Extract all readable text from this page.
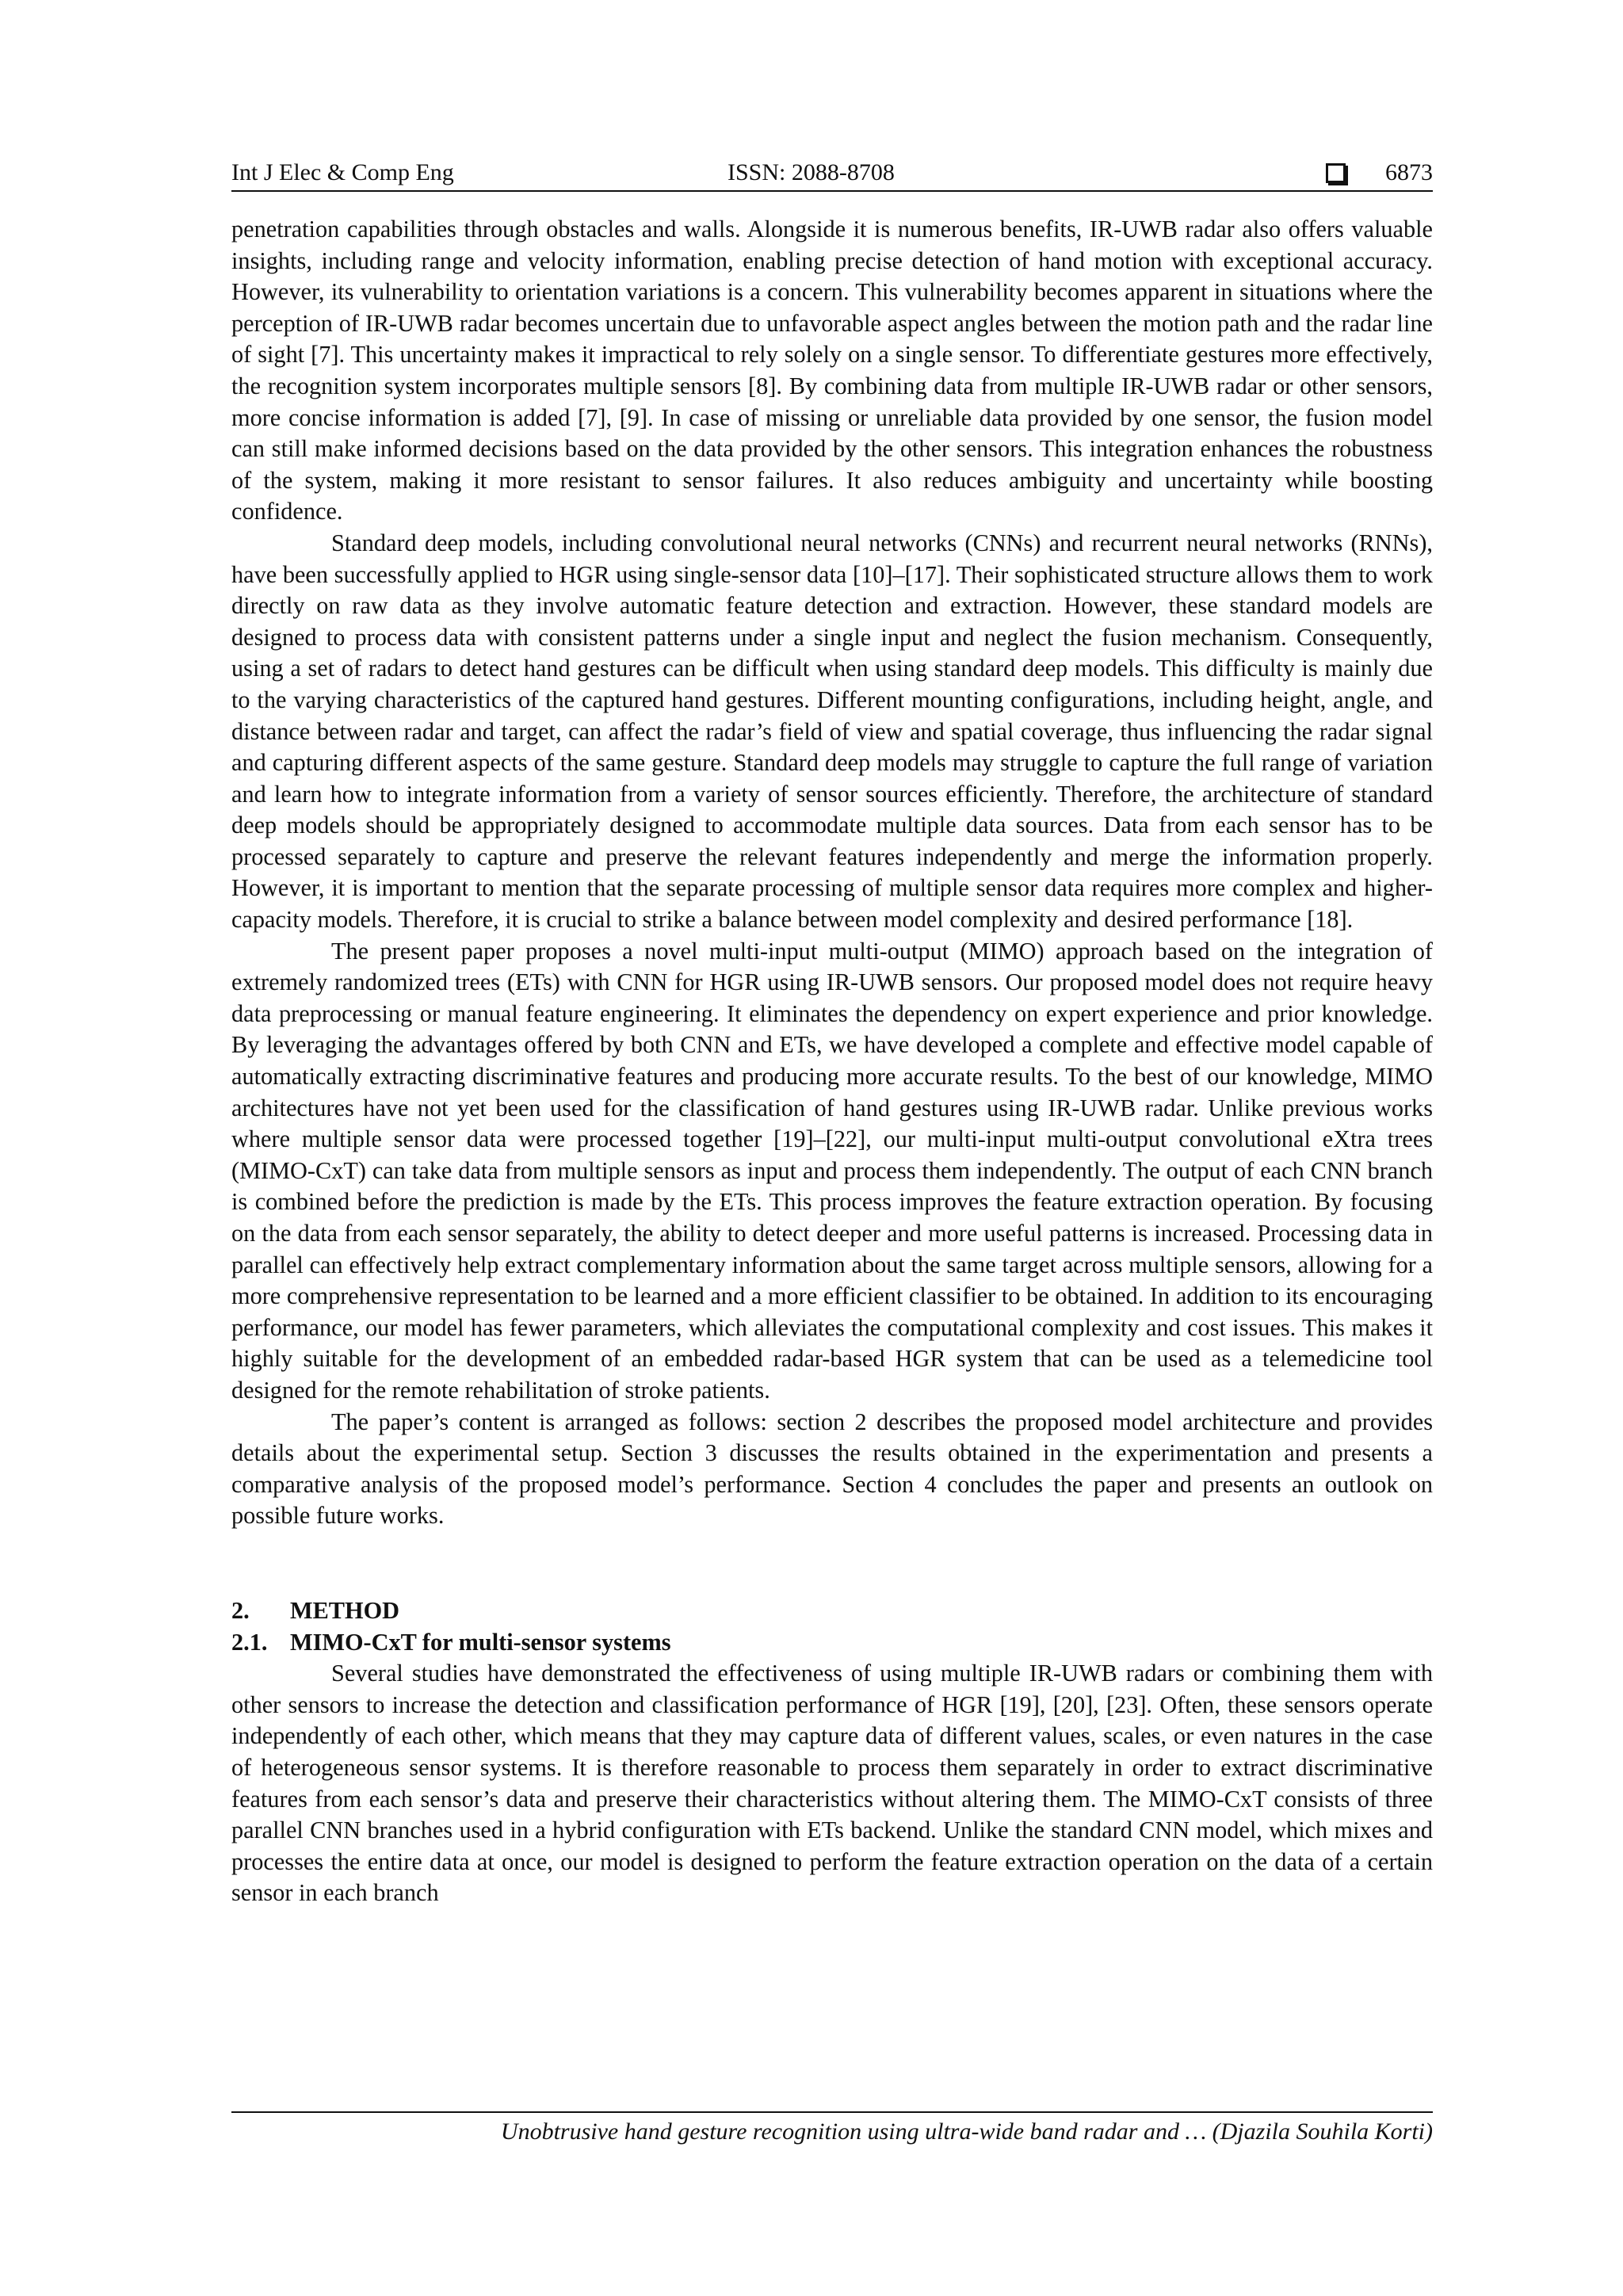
Int J Elec & Comp Eng	ISSN: 2088-8708	6873

penetration capabilities through obstacles and walls. Alongside it is numerous benefits, IR-UWB radar also offers valuable insights, including range and velocity information, enabling precise detection of hand motion with exceptional accuracy. However, its vulnerability to orientation variations is a concern. This vulnerability becomes apparent in situations where the perception of IR-UWB radar becomes uncertain due to unfavorable aspect angles between the motion path and the radar line of sight [7]. This uncertainty makes it impractical to rely solely on a single sensor. To differentiate gestures more effectively, the recognition system incorporates multiple sensors [8]. By combining data from multiple IR-UWB radar or other sensors, more concise information is added [7], [9]. In case of missing or unreliable data provided by one sensor, the fusion model can still make informed decisions based on the data provided by the other sensors. This integration enhances the robustness of the system, making it more resistant to sensor failures. It also reduces ambiguity and uncertainty while boosting confidence.

Standard deep models, including convolutional neural networks (CNNs) and recurrent neural networks (RNNs), have been successfully applied to HGR using single-sensor data [10]–[17]. Their sophisticated structure allows them to work directly on raw data as they involve automatic feature detection and extraction. However, these standard models are designed to process data with consistent patterns under a single input and neglect the fusion mechanism. Consequently, using a set of radars to detect hand gestures can be difficult when using standard deep models. This difficulty is mainly due to the varying characteristics of the captured hand gestures. Different mounting configurations, including height, angle, and distance between radar and target, can affect the radar’s field of view and spatial coverage, thus influencing the radar signal and capturing different aspects of the same gesture. Standard deep models may struggle to capture the full range of variation and learn how to integrate information from a variety of sensor sources efficiently. Therefore, the architecture of standard deep models should be appropriately designed to accommodate multiple data sources. Data from each sensor has to be processed separately to capture and preserve the relevant features independently and merge the information properly. However, it is important to mention that the separate processing of multiple sensor data requires more complex and higher-capacity models. Therefore, it is crucial to strike a balance between model complexity and desired performance [18].

The present paper proposes a novel multi-input multi-output (MIMO) approach based on the integration of extremely randomized trees (ETs) with CNN for HGR using IR-UWB sensors. Our proposed model does not require heavy data preprocessing or manual feature engineering. It eliminates the dependency on expert experience and prior knowledge. By leveraging the advantages offered by both CNN and ETs, we have developed a complete and effective model capable of automatically extracting discriminative features and producing more accurate results. To the best of our knowledge, MIMO architectures have not yet been used for the classification of hand gestures using IR-UWB radar. Unlike previous works where multiple sensor data were processed together [19]–[22], our multi-input multi-output convolutional eXtra trees (MIMO-CxT) can take data from multiple sensors as input and process them independently. The output of each CNN branch is combined before the prediction is made by the ETs. This process improves the feature extraction operation. By focusing on the data from each sensor separately, the ability to detect deeper and more useful patterns is increased. Processing data in parallel can effectively help extract complementary information about the same target across multiple sensors, allowing for a more comprehensive representation to be learned and a more efficient classifier to be obtained. In addition to its encouraging performance, our model has fewer parameters, which alleviates the computational complexity and cost issues. This makes it highly suitable for the development of an embedded radar-based HGR system that can be used as a telemedicine tool designed for the remote rehabilitation of stroke patients.

The paper’s content is arranged as follows: section 2 describes the proposed model architecture and provides details about the experimental setup. Section 3 discusses the results obtained in the experimentation and presents a comparative analysis of the proposed model’s performance. Section 4 concludes the paper and presents an outlook on possible future works.

2. METHOD

2.1. MIMO-CxT for multi-sensor systems

Several studies have demonstrated the effectiveness of using multiple IR-UWB radars or combining them with other sensors to increase the detection and classification performance of HGR [19], [20], [23]. Often, these sensors operate independently of each other, which means that they may capture data of different values, scales, or even natures in the case of heterogeneous sensor systems. It is therefore reasonable to process them separately in order to extract discriminative features from each sensor’s data and preserve their characteristics without altering them. The MIMO-CxT consists of three parallel CNN branches used in a hybrid configuration with ETs backend. Unlike the standard CNN model, which mixes and processes the entire data at once, our model is designed to perform the feature extraction operation on the data of a certain sensor in each branch

Unobtrusive hand gesture recognition using ultra-wide band radar and … (Djazila Souhila Korti)
